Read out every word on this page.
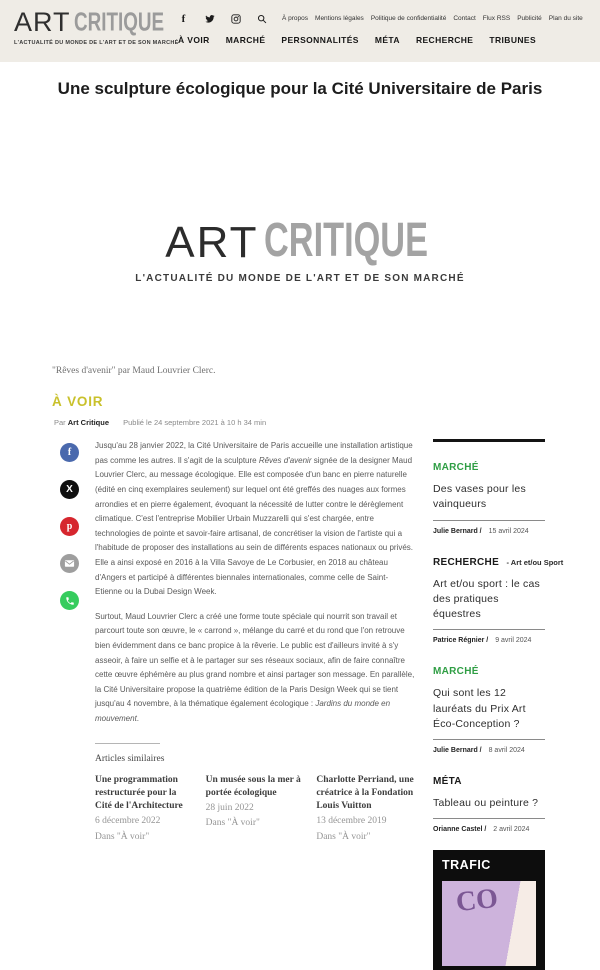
ART CRITIQUE
L'ACTUALITÉ DU MONDE DE L'ART ET DE SON MARCHÉ
f	À propos Mentions légales Politique de confidentialité Contact Flux RSS Publicité Plan du site
À VOIR MARCHÉ PERSONNALITÉS MÉTA RECHERCHE TRIBUNES
Une sculpture écologique pour la Cité Universitaire de Paris
ART CRITIQUE
L'ACTUALITÉ DU MONDE DE L'ART ET DE SON MARCHÉ
"Rêves d'avenir" par Maud Louvrier Clerc.
À VOIR
Par Art Critique Publié le 24 septembre 2021 à 10 h 34 min
f
X
p

Jusqu'au 28 janvier 2022, la Cité Universitaire de Paris accueille une installation artistique pas comme les autres. Il s'agit de la sculpture Rêves d'avenir signée de la designer Maud Louvrier Clerc, au message écologique. Elle est composée d'un banc en pierre naturelle (édité en cinq exemplaires seulement) sur lequel ont été greffés des nuages aux formes arrondies et en pierre également, évoquant la nécessité de lutter contre le dérèglement climatique. C'est l'entreprise Mobilier Urbain Muzzarelli qui s'est chargée, entre technologies de pointe et savoir-faire artisanal, de concrétiser la vision de l'artiste qui a l'habitude de proposer des installations au sein de différents espaces nationaux ou privés. Elle a ainsi exposé en 2016 à la Villa Savoye de Le Corbusier, en 2018 au château d'Angers et participé à différentes biennales internationales, comme celle de Saint-Etienne ou la Dubai Design Week.

Surtout, Maud Louvrier Clerc a créé une forme toute spéciale qui nourrit son travail et parcourt toute son œuvre, le « carrond », mélange du carré et du rond que l'on retrouve bien évidemment dans ce banc propice à la rêverie. Le public est d'ailleurs invité à s'y asseoir, à faire un selfie et à le partager sur ses réseaux sociaux, afin de faire connaître cette œuvre éphémère au plus grand nombre et ainsi partager son message. En parallèle, la Cité Universitaire propose la quatrième édition de la Paris Design Week qui se tient jusqu'au 4 novembre, à la thématique également écologique : Jardins du monde en mouvement.

Articles similaires
Une programmation restructurée pour la Cité de l'Architecture
6 décembre 2022
Dans "À voir"
Un musée sous la mer à portée écologique
28 juin 2022
Dans "À voir"
Charlotte Perriand, une créatrice à la Fondation Louis Vuitton
13 décembre 2019
Dans "À voir"
MARCHÉ
Des vases pour les vainqueurs
Julie Bernard / 15 avril 2024
RECHERCHE - Art et/ou Sport
Art et/ou sport : le cas des pratiques équestres
Patrice Régnier / 9 avril 2024
MARCHÉ
Qui sont les 12 lauréats du Prix Art Éco-Conception ?
Julie Bernard / 8 avril 2024
MÉTA
Tableau ou peinture ?
Orianne Castel / 2 avril 2024
TRAFIC
CO
